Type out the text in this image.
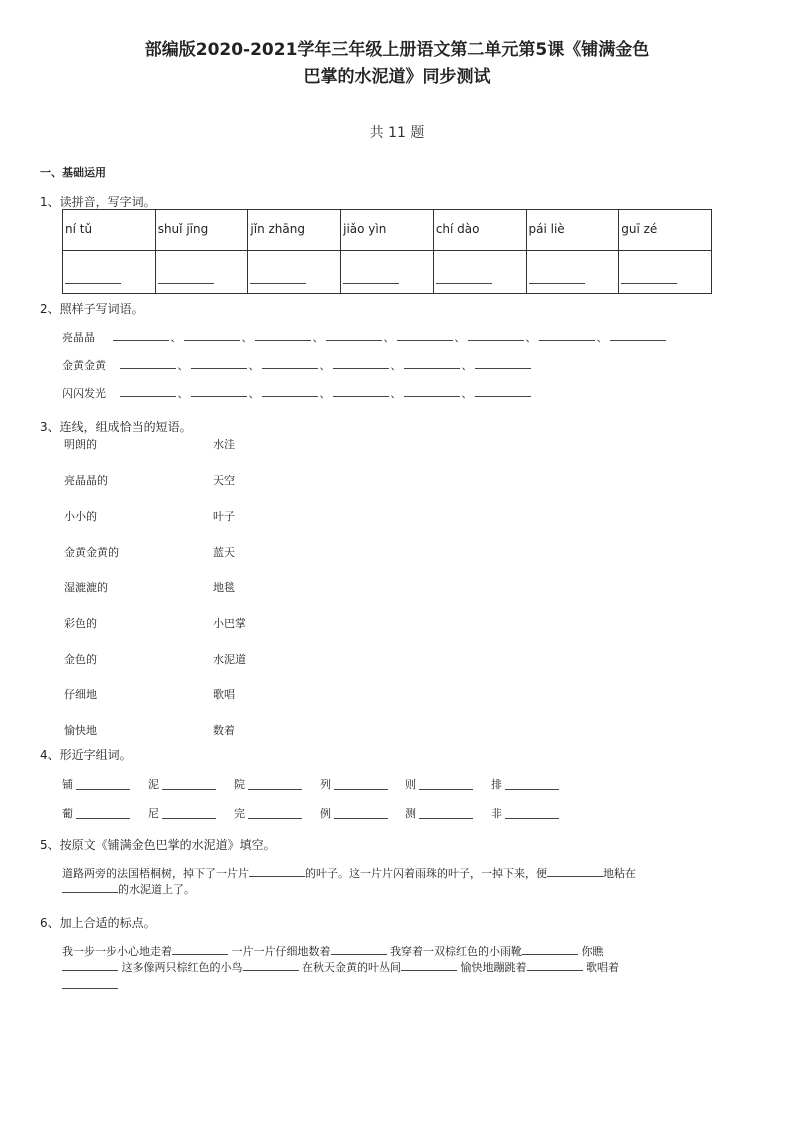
部编版2020-2021学年三年级上册语文第二单元第5课《铺满金色
巴掌的水泥道》同步测试
共 11 题
一、基础运用
1、读拼音，写字词。
ní tǔ	shuǐ jīng	jǐn zhāng	jiǎo yìn	chí dào	pái liè	guī zé

2、照样子写词语。
亮晶晶	、	、	、	、	、	、	、
金黄金黄	、	、	、	、	、
闪闪发光	、	、	、	、	、
3、连线，组成恰当的短语。
明朗的
亮晶晶的
小小的
金黄金黄的
湿漉漉的
彩色的
金色的
仔细地
愉快地
水洼
天空
叶子
蓝天
地毯
小巴掌
水泥道
歌唱
数着
4、形近字组词。
铺	泥	院	列	则	排
葡	尼	完	例	测	非
5、按原文《铺满金色巴掌的水泥道》填空。
道路两旁的法国梧桐树，掉下了一片片	的叶子。这一片片闪着雨珠的叶子，一掉下来，便	地粘在
的水泥道上了。
6、加上合适的标点。
我一步一步小心地走着	一片一片仔细地数着	我穿着一双棕红色的小雨靴	你瞧
这多像两只棕红色的小鸟	在秋天金黄的叶丛间	愉快地蹦跳着	歌唱着
